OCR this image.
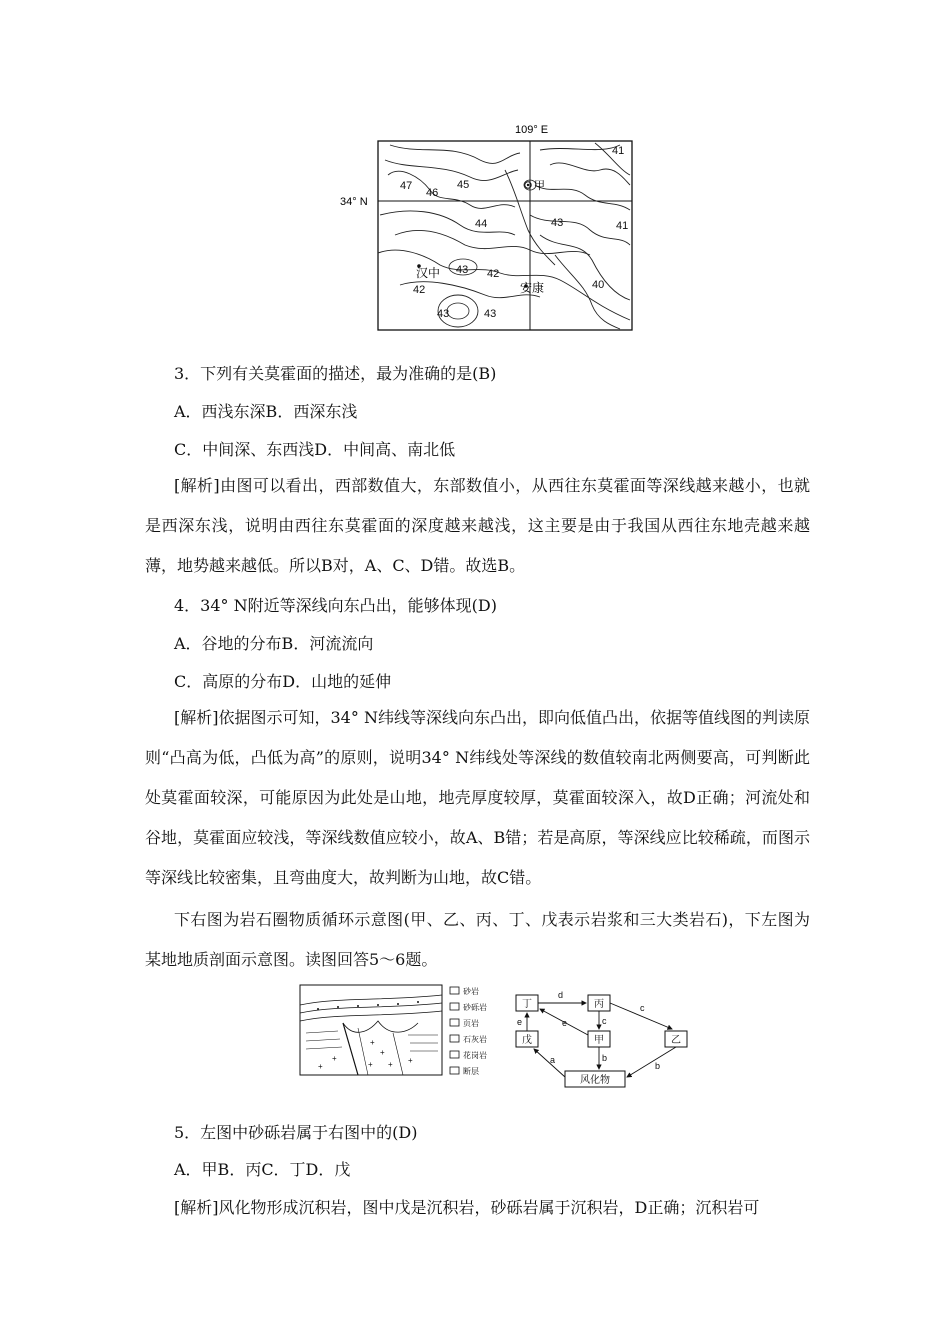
109° E
34° N
41
47
46
45
43
44	41
43 42
42	40
43	43
甲
汉中
安康
3．下列有关莫霍面的描述，最为准确的是(B)
A．西浅东深B．西深东浅
C．中间深、东西浅D．中间高、南北低
[解析]由图可以看出，西部数值大，东部数值小，从西往东莫霍面等深线越来越小，也就是西深东浅，说明由西往东莫霍面的深度越来越浅，这主要是由于我国从西往东地壳越来越薄，地势越来越低。所以B对，A、C、D错。故选B。
4．34° N附近等深线向东凸出，能够体现(D)
A．谷地的分布B．河流流向
C．高原的分布D．山地的延伸
[解析]依据图示可知，34° N纬线等深线向东凸出，即向低值凸出，依据等值线图的判读原则“凸高为低，凸低为高”的原则，说明34° N纬线处等深线的数值较南北两侧要高，可判断此处莫霍面较深，可能原因为此处是山地，地壳厚度较厚，莫霍面较深入，故D正确；河流处和谷地，莫霍面应较浅，等深线数值应较小，故A、B错；若是高原，等深线应比较稀疏，而图示等深线比较密集，且弯曲度大，故判断为山地，故C错。
下右图为岩石圈物质循环示意图(甲、乙、丙、丁、戊表示岩浆和三大类岩石)，下左图为某地地质剖面示意图。读图回答5～6题。
+
+
+ + +
+
+
砂岩
砂砾岩
页岩
石灰岩
花岗岩
断层
丁	丙
乙
戊	甲
风化物
d
c
c
e
e
a	b
b
5．左图中砂砾岩属于右图中的(D)
A．甲B．丙C．丁D．戊
[解析]风化物形成沉积岩，图中戊是沉积岩，砂砾岩属于沉积岩，D正确；沉积岩可
